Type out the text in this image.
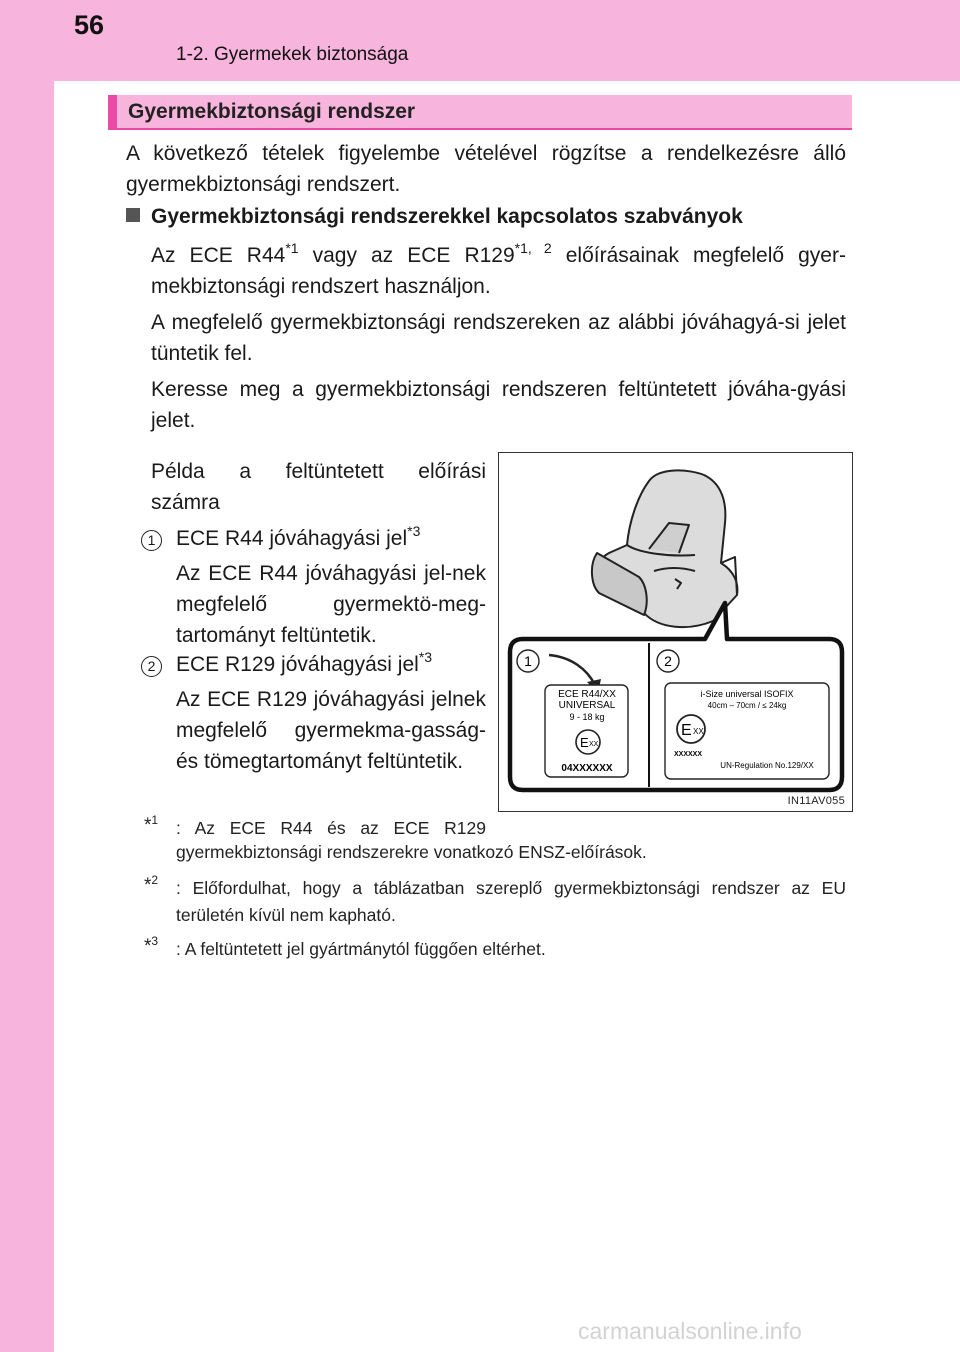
56
1-2. Gyermekek biztonsága
Gyermekbiztonsági rendszer

A következő tételek figyelembe vételével rögzítse a rendelkezésre álló gyermekbiztonsági rendszert.

Gyermekbiztonsági rendszerekkel kapcsolatos szabványok

Az ECE R44$^{*1}$ vagy az ECE R129$^{*1, 2}$ előírásainak megfelelő gyer-mekbiztonsági rendszert használjon.

A megfelelő gyermekbiztonsági rendszereken az alábbi jóváhagyá-si jelet tüntetik fel.

Keresse meg a gyermekbiztonsági rendszeren feltüntetett jóváha-gyási jelet.

Példa a feltüntetett előírási
számra

1 ECE R44 jóváhagyási jel$^{*3}$

Az ECE R44 jóváhagyási jel-nek megfelelő gyermektö-meg-tartományt feltüntetik.

2 ECE R129 jóváhagyási jel$^{*3}$

Az ECE R129 jóváhagyási jelnek megfelelő gyermekma-gasság- és tömegtartományt feltüntetik.

1	2
ECE R44/XX
UNIVERSAL
9 - 18 kg
E XX
04XXXXXX
i-Size universal ISOFIX
40cm – 70cm / ≤ 24kg
E XX
XXXXXX
UN-Regulation No.129/XX
IN11AV055
*$^1$ : Az ECE R44 és az ECE R129
gyermekbiztonsági rendszerekre vonatkozó ENSZ-előírások.
*$^2$ : Előfordulhat, hogy a táblázatban szereplő gyermekbiztonsági rendszer az EU területén kívül nem kapható.
*$^3$ : A feltüntetett jel gyártmánytól függően eltérhet.
carmanualsonline.info
